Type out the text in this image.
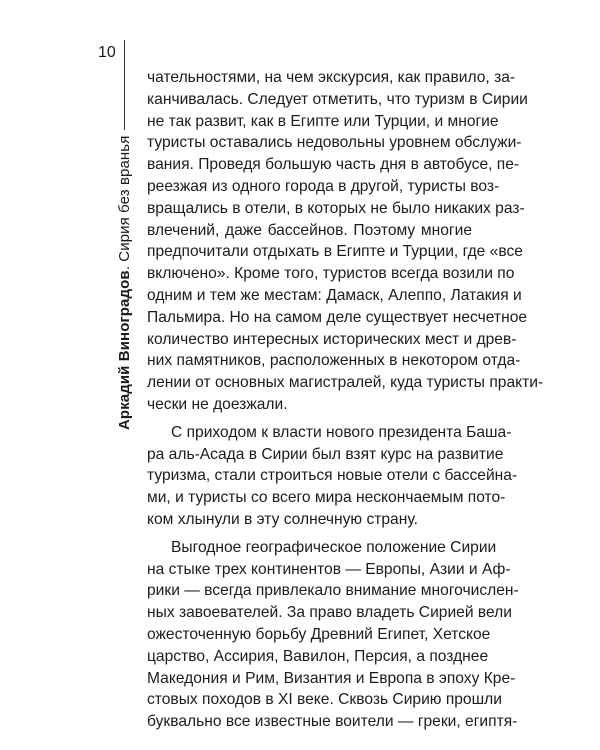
10
Аркадий Виноградов. Сирия без вранья
чательностями, на чем экскурсия, как правило, за-
канчивалась. Следует отметить, что туризм в Сирии
не так развит, как в Египте или Турции, и многие
туристы оставались недовольны уровнем обслужи-
вания. Проведя большую часть дня в автобусе, пе-
реезжая из одного города в другой, туристы воз-
вращались в отели, в которых не было никаких раз-
влечений, даже бассейнов. Поэтому многие
предпочитали отдыхать в Египте и Турции, где «все
включено». Кроме того, туристов всегда возили по
одним и тем же местам: Дамаск, Алеппо, Латакия и
Пальмира. Но на самом деле существует несчетное
количество интересных исторических мест и древ-
них памятников, расположенных в некотором отда-
лении от основных магистралей, куда туристы практи-
чески не доезжали.
С приходом к власти нового президента Баша-
ра аль-Асада в Сирии был взят курс на развитие
туризма, стали строиться новые отели с бассейна-
ми, и туристы со всего мира нескончаемым пото-
ком хлынули в эту солнечную страну.
Выгодное географическое положение Сирии
на стыке трех континентов — Европы, Азии и Аф-
рики — всегда привлекало внимание многочислен-
ных завоевателей. За право владеть Сирией вели
ожесточенную борьбу Древний Египет, Хетское
царство, Ассирия, Вавилон, Персия, а позднее
Македония и Рим, Византия и Европа в эпоху Кре-
стовых походов в XI веке. Сквозь Сирию прошли
буквально все известные воители — греки, египтя-
